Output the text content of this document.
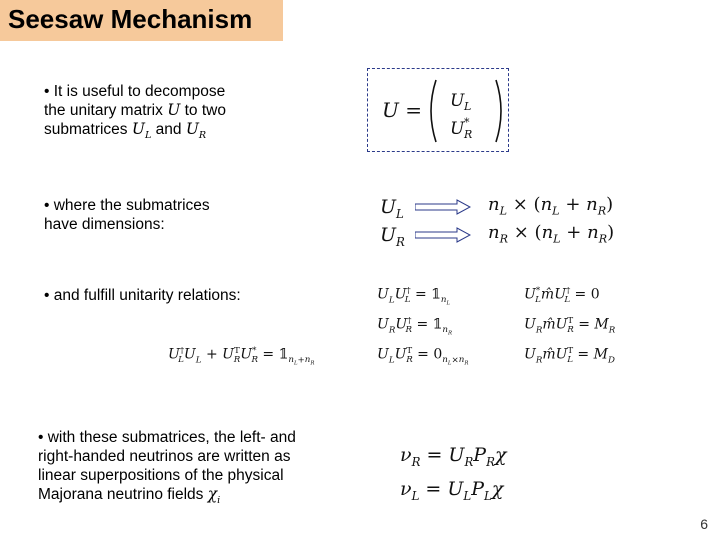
Seesaw Mechanism
• It is useful to decompose
the unitary matrix U to two
submatrices $U_L$ and $U_R$
U = U L
U *
R
• where the submatrices
have dimensions:
$U_L$
$U_R$
$n_L \times (n_L + n_R)$
$n_R \times (n_L + n_R)$
• and fulfill unitarity relations:	$U_LU^\dagger_L$ = $𝟙_{n_L}$
$U^*_Lm̂U^\dagger_L = 0$
$U_RU^\dagger_R$ = $𝟙_{n_R}$
$U_Rm̂U^T_R = M_R$
$U_LU^T_R = 0_{n_L\times n_R}$
$U_Rm̂U^T_L = M_D$
$U^\dagger_LU_L + U^T_RU^*_R$ = $𝟙_{n_L+n_R}$
• with these submatrices, the left- and
right-handed neutrinos are written as
linear superpositions of the physical
Majorana neutrino fields $\chi_i$
$\nu_R = U_RP_R\chi$
$\nu_L = U_LP_L\chi$
6
